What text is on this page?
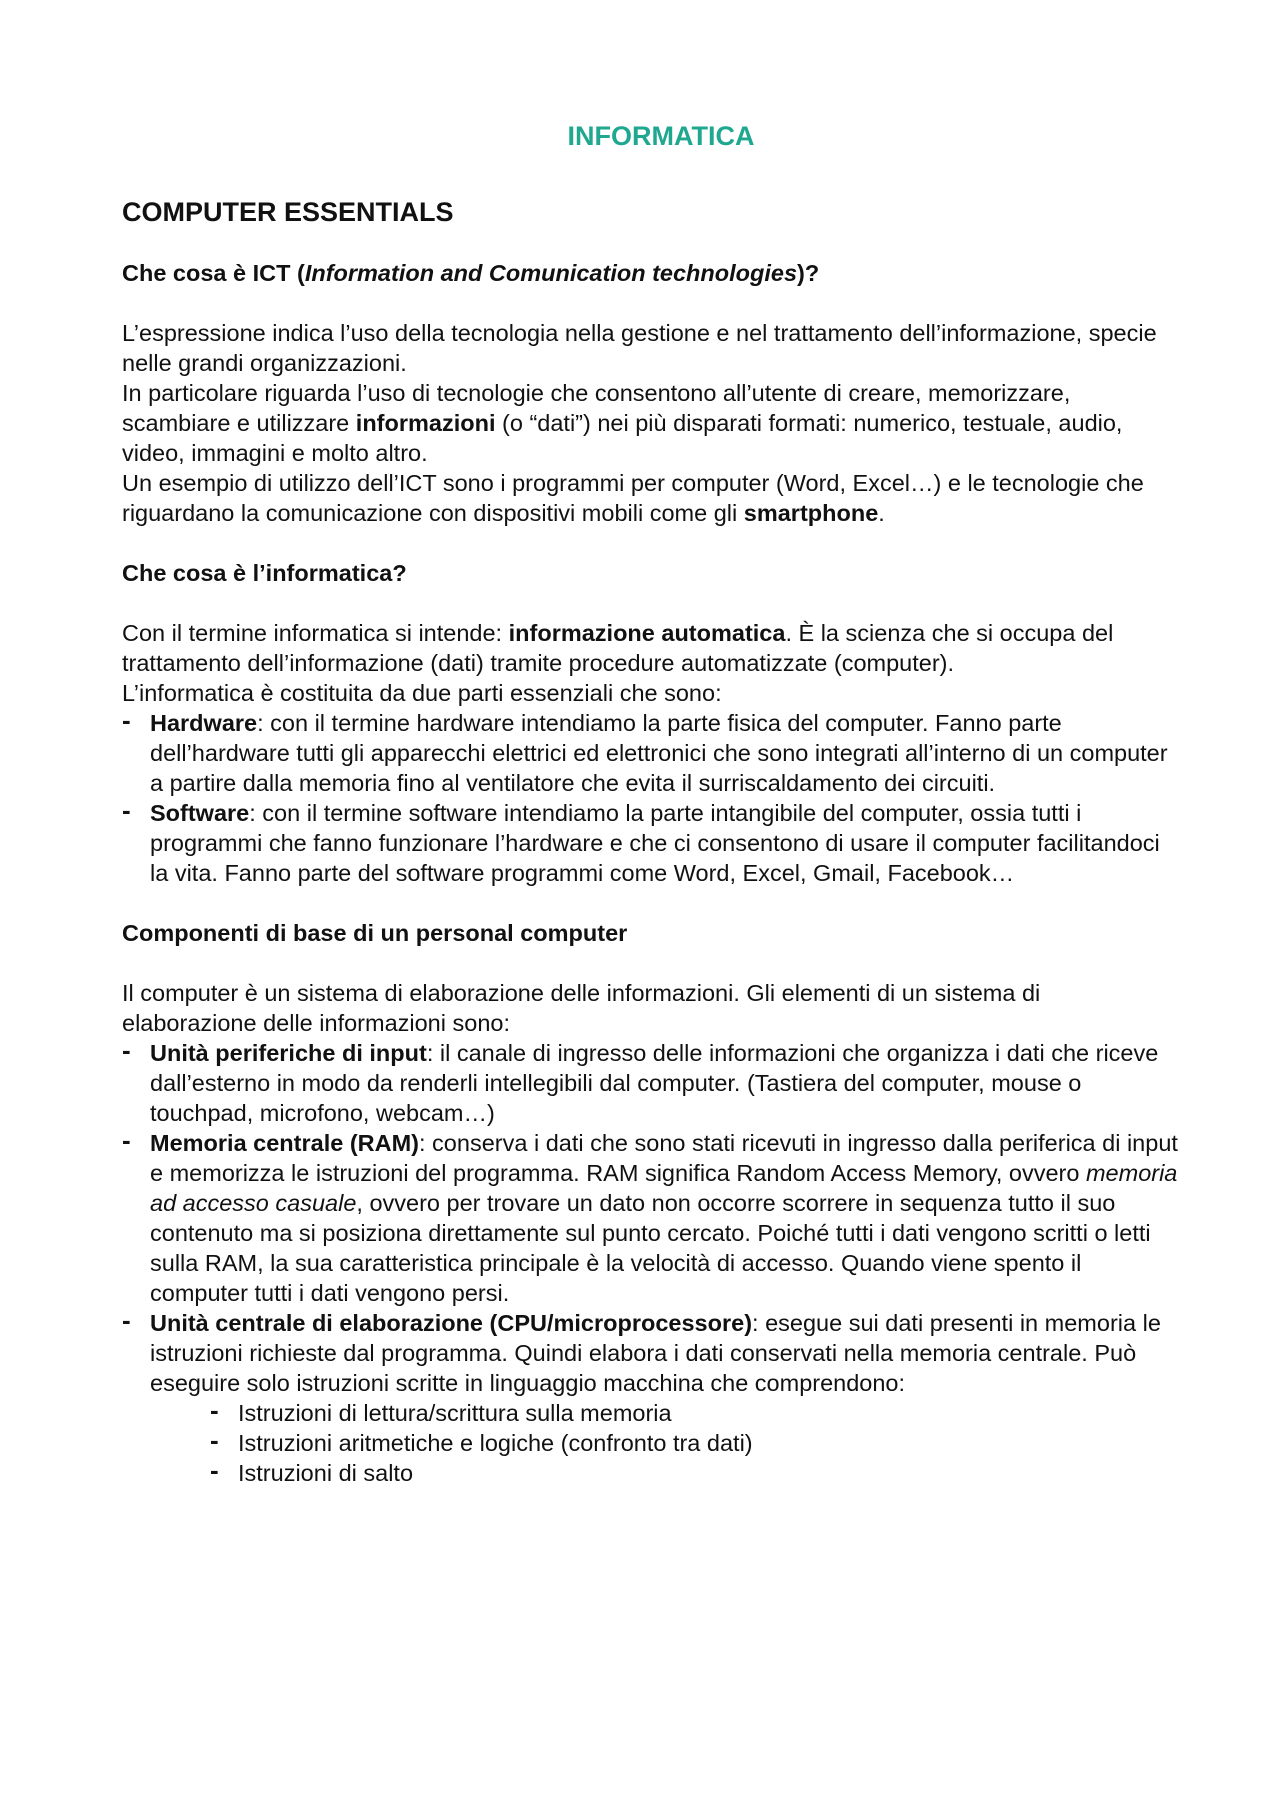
INFORMATICA
COMPUTER ESSENTIALS
Che cosa è ICT (Information and Comunication technologies)?

L’espressione indica l’uso della tecnologia nella gestione e nel trattamento dell’informazione, specie nelle grandi organizzazioni.

In particolare riguarda l’uso di tecnologie che consentono all’utente di creare, memorizzare, scambiare e utilizzare informazioni (o “dati”) nei più disparati formati: numerico, testuale, audio, video, immagini e molto altro.

Un esempio di utilizzo dell’ICT sono i programmi per computer (Word, Excel…) e le tecnologie che riguardano la comunicazione con dispositivi mobili come gli smartphone.

Che cosa è l’informatica?

Con il termine informatica si intende: informazione automatica. È la scienza che si occupa del trattamento dell’informazione (dati) tramite procedure automatizzate (computer).

L’informatica è costituita da due parti essenziali che sono:

- Hardware: con il termine hardware intendiamo la parte fisica del computer. Fanno parte dell’hardware tutti gli apparecchi elettrici ed elettronici che sono integrati all’interno di un computer a partire dalla memoria fino al ventilatore che evita il surriscaldamento dei circuiti.
- Software: con il termine software intendiamo la parte intangibile del computer, ossia tutti i programmi che fanno funzionare l’hardware e che ci consentono di usare il computer facilitandoci la vita. Fanno parte del software programmi come Word, Excel, Gmail, Facebook…
Componenti di base di un personal computer

Il computer è un sistema di elaborazione delle informazioni. Gli elementi di un sistema di elaborazione delle informazioni sono:

- Unità periferiche di input: il canale di ingresso delle informazioni che organizza i dati che riceve dall’esterno in modo da renderli intellegibili dal computer. (Tastiera del computer, mouse o touchpad, microfono, webcam…)
- Memoria centrale (RAM): conserva i dati che sono stati ricevuti in ingresso dalla periferica di input e memorizza le istruzioni del programma. RAM significa Random Access Memory, ovvero memoria ad accesso casuale, ovvero per trovare un dato non occorre scorrere in sequenza tutto il suo contenuto ma si posiziona direttamente sul punto cercato. Poiché tutti i dati vengono scritti o letti sulla RAM, la sua caratteristica principale è la velocità di accesso. Quando viene spento il computer tutti i dati vengono persi.
- Unità centrale di elaborazione (CPU/microprocessore): esegue sui dati presenti in memoria le istruzioni richieste dal programma. Quindi elabora i dati conservati nella memoria centrale. Può eseguire solo istruzioni scritte in linguaggio macchina che comprendono:
- Istruzioni di lettura/scrittura sulla memoria
- Istruzioni aritmetiche e logiche (confronto tra dati)
- Istruzioni di salto
